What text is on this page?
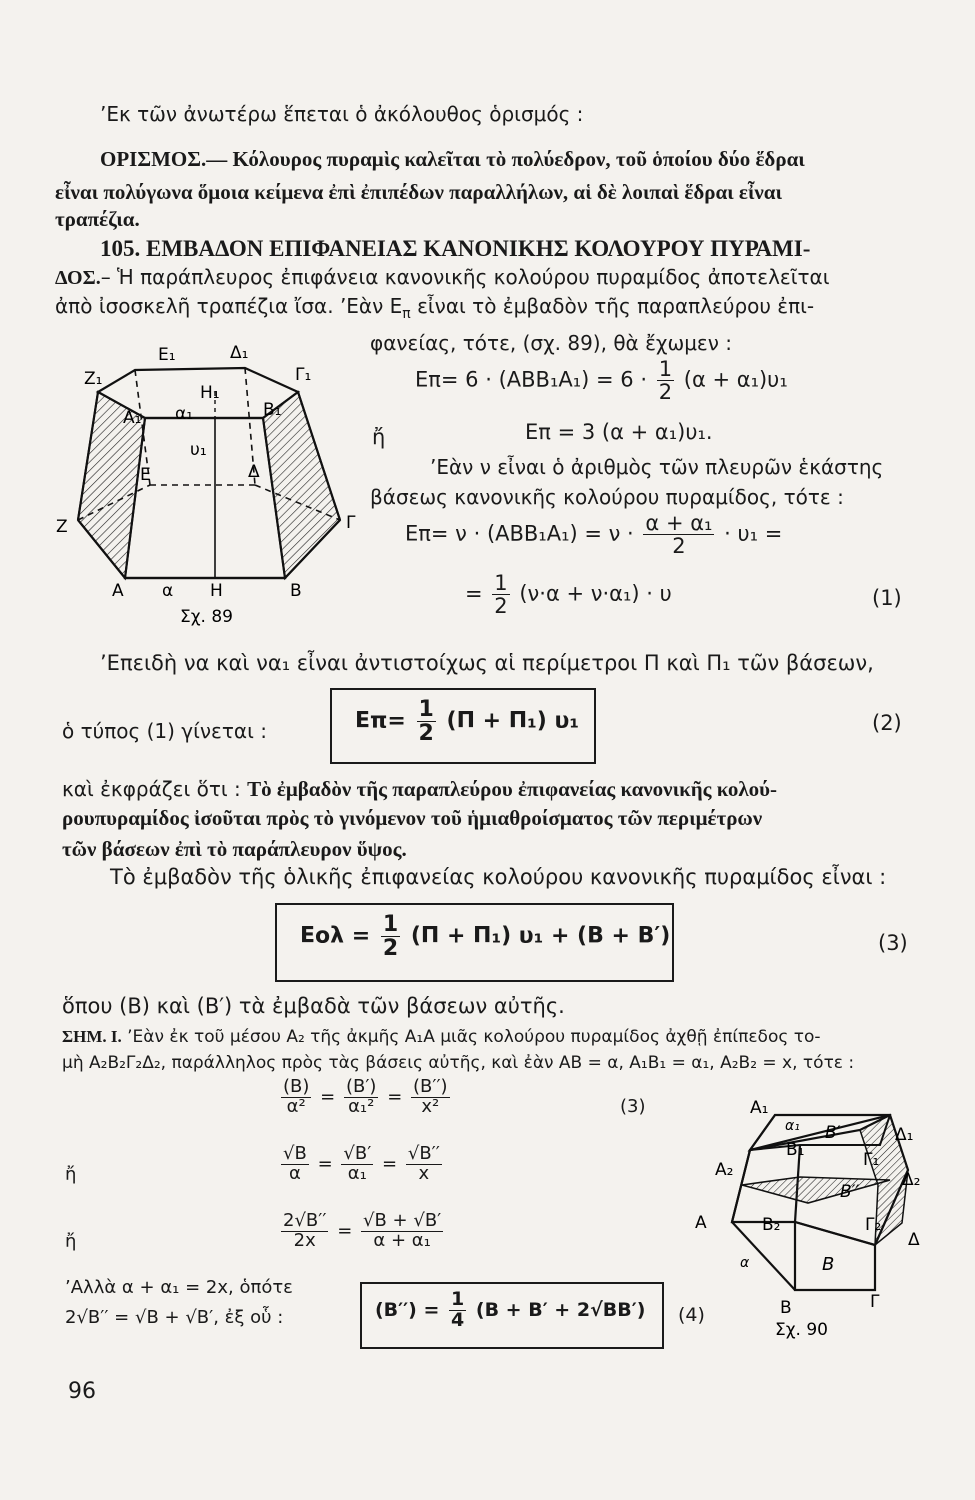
’Εκ τῶν ἀνωτέρω ἕπεται ὁ ἀκόλουθος ὁρισμός :
ΟΡΙΣΜΟΣ.— Κόλουρος πυραμὶς καλεῖται τὸ πολύεδρον, τοῦ ὁποίου δύο ἕδραι
εἶναι πολύγωνα ὅμοια κείμενα ἐπὶ ἐπιπέδων παραλλήλων, αἱ δὲ λοιπαὶ ἕδραι εἶναι
τραπέζια.
105. ΕΜΒΑΔΟΝ ΕΠΙΦΑΝΕΙΑΣ ΚΑΝΟΝΙΚΗΣ ΚΟΛΟΥΡΟΥ ΠΥΡΑΜΙ-
ΔΟΣ.– Ἡ παράπλευρος ἐπιφάνεια κανονικῆς κολούρου πυραμίδος ἀποτελεῖται
ἀπὸ ἰσοσκελῆ τραπέζια ἴσα. ’Εὰν $E_\pi$ εἶναι τὸ ἐμβαδὸν τῆς παραπλεύρου ἐπι-
φανείας, τότε, (σχ. 89), θὰ ἔχωμεν :
Ε₁	Δ₁
Ζ₁	Γ₁
Η₁
Α₁	Β₁
α₁
υ₁
Ε	Δ
Ζ	Γ
Α α Η	Β
Σχ. 89
$E\pi= 6 \cdot (ABB_1A_1) = 6 \cdot \frac{1}{2} (\alpha + \alpha_1)\upsilon_1$
ἤ	Επ = 3 (α + α₁)υ₁.
’Εὰν ν εἶναι ὁ ἀριθμὸς τῶν πλευρῶν ἑκάστης
βάσεως κανονικῆς κολούρου πυραμίδος, τότε :
$E\pi= \nu \cdot (ABB_1A_1) = \nu \cdot \frac{\text{α + α₁}}{2} \cdot \upsilon_1$ =
= $\frac{1}{2} (\nu\cdot\alpha + \nu\cdot\alpha_1) \cdot \upsilon$	(1)
’Επειδὴ να καὶ να₁ εἶναι ἀντιστοίχως αἱ περίμετροι Π καὶ Π₁ τῶν βάσεων,
ὁ τύπος (1) γίνεται :	$E\pi= \frac{1}{2} (\Pi + \Pi_1)$ υ₁	(2)
καὶ ἐκφράζει ὅτι : Τὸ ἐμβαδὸν τῆς παραπλεύρου ἐπιφανείας κανονικῆς κολού-
ρουπυραμίδος ἰσοῦται πρὸς τὸ γινόμενον τοῦ ἡμιαθροίσματος τῶν περιμέτρων
τῶν βάσεων ἐπὶ τὸ παράπλευρον ὕψος.
Τὸ ἐμβαδὸν τῆς ὁλικῆς ἐπιφανείας κολούρου κανονικῆς πυραμίδος εἶναι :
$Eo\lambda = \frac{1}{2} (\Pi + \Pi_1) \upsilon_1 + (B + B')$	(3)
ὅπου (Β) καὶ (Β′) τὰ ἐμβαδὰ τῶν βάσεων αὐτῆς.
ΣΗΜ. Ι. ’Εὰν ἐκ τοῦ μέσου Α₂ τῆς ἀκμῆς Α₁Α μιᾶς κολούρου πυραμίδος ἀχθῇ ἐπίπεδος το-
μὴ Α₂Β₂Γ₂Δ₂, παράλληλος πρὸς τὰς βάσεις αὐτῆς, καὶ ἐὰν ΑΒ = α, Α₁Β₁ = α₁, Α₂Β₂ = x, τότε :
$\frac{(B)}{\text{α²}} = \frac{(B')}{\text{α₁²}} = \frac{(B'')}{\text{x²}}$	(3)
ἤ	$\frac{√B}{\alpha} = \frac{√B'}{\text{α₁}} = \frac{√B''}{x}$
ἤ	$\frac{2√B''}{2x} = \frac{√B + √B'}{\text{α + α₁}}$
’Αλλὰ α + α₁ = 2x, ὁπότε
2√Β′′ = √Β + √Β′, ἐξ οὗ :	$(B'') = \frac{1}{4} (B + B' + 2√BB')$ (4)
Α₁
Δ₁
Β′
Β₁	Γ₁
Α₂	Δ₂
Β′′
Β₂	Γ₂
Α
Δ
Β
Β	Γ
α
α₁
Σχ. 90
96
